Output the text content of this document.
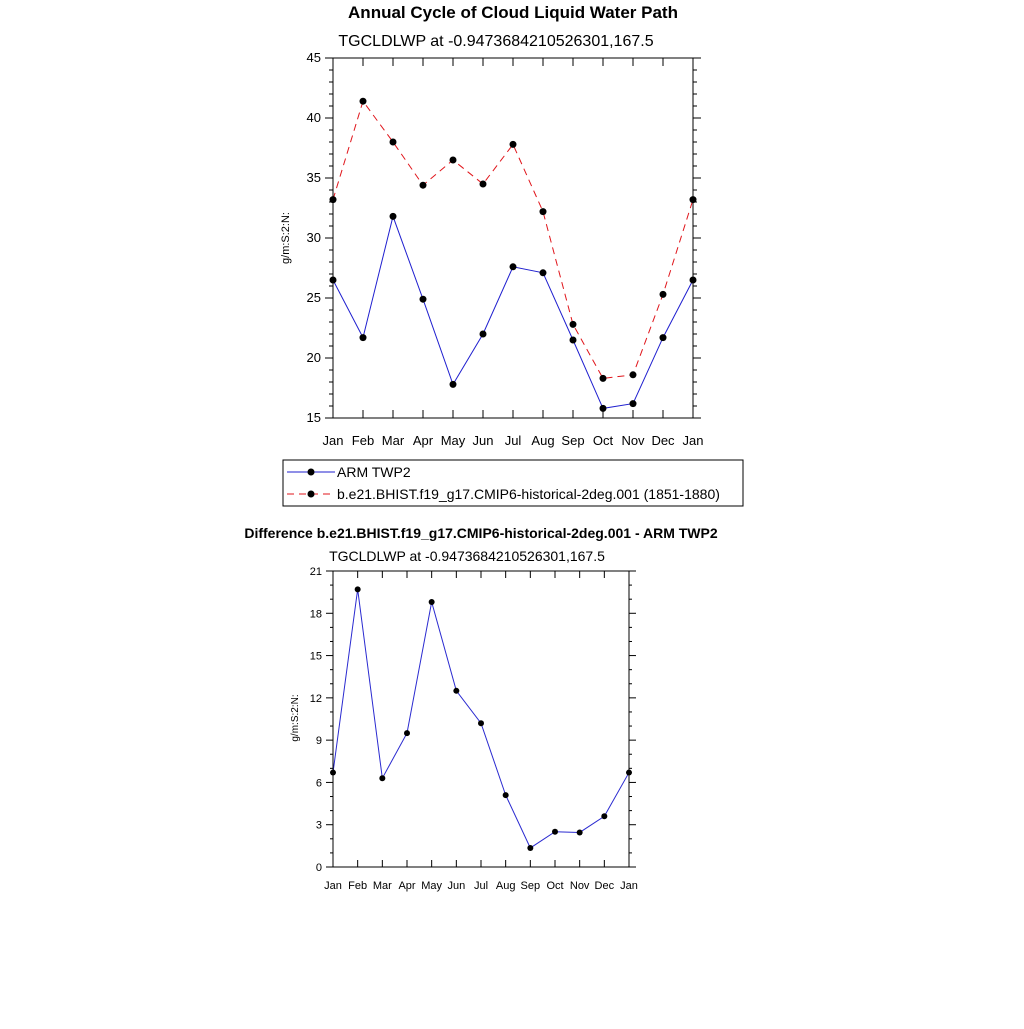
Annual Cycle of Cloud Liquid Water Path
TGCLDLWP at -0.9473684210526301,167.5
g/m:S:2:N:
Jan Feb Mar Apr May Jun Jul Aug Sep Oct Nov Dec Jan
15
20
25
30
35
40
45
ARM TWP2
b.e21.BHIST.f19_g17.CMIP6-historical-2deg.001 (1851-1880)
Difference b.e21.BHIST.f19_g17.CMIP6-historical-2deg.001 - ARM TWP2
TGCLDLWP at -0.9473684210526301,167.5
g/m:S:2:N:
Jan Feb Mar Apr May Jun Jul Aug Sep Oct Nov Dec Jan
0
3
6
9
12
15
18
21
